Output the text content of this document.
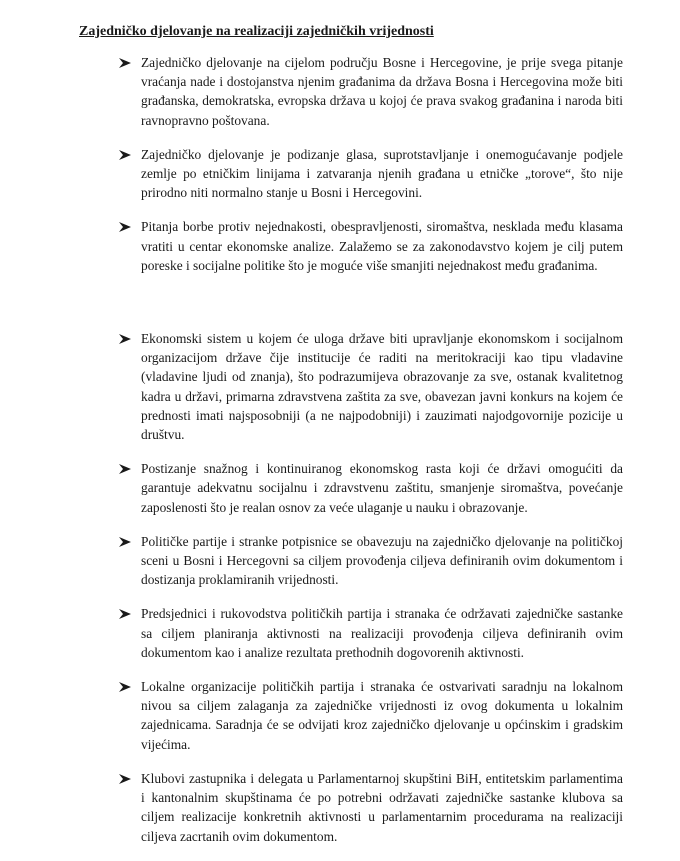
Zajedničko djelovanje na realizaciji zajedničkih vrijednosti
Zajedničko djelovanje na cijelom području Bosne i Hercegovine, je prije svega pitanje vraćanja nade i dostojanstva njenim građanima da država Bosna i Hercegovina može biti građanska, demokratska, evropska država u kojoj će prava svakog građanina i naroda biti ravnopravno poštovana.
Zajedničko djelovanje je podizanje glasa, suprotstavljanje i onemogućavanje podjele zemlje po etničkim linijama i zatvaranja njenih građana u etničke „torove“, što nije prirodno niti normalno stanje u Bosni i Hercegovini.
Pitanja borbe protiv nejednakosti, obespravljenosti, siromaštva, nesklada među klasama vratiti u centar ekonomske analize. Zalažemo se za zakonodavstvo kojem je cilj putem poreske i socijalne politike što je moguće više smanjiti nejednakost među građanima.
Ekonomski sistem u kojem će uloga države biti upravljanje ekonomskom i socijalnom organizacijom države čije institucije će raditi na meritokraciji kao tipu vladavine (vladavine ljudi od znanja), što podrazumijeva obrazovanje za sve, ostanak kvalitetnog kadra u državi, primarna zdravstvena zaštita za sve, obavezan javni konkurs na kojem će prednosti imati najsposobniji (a ne najpodobniji) i zauzimati najodgovornije pozicije u društvu.
Postizanje snažnog i kontinuiranog ekonomskog rasta koji će državi omogućiti da garantuje adekvatnu socijalnu i zdravstvenu zaštitu, smanjenje siromaštva, povećanje zaposlenosti što je realan osnov za veće ulaganje u nauku i obrazovanje.
Političke partije i stranke potpisnice se obavezuju na zajedničko djelovanje na političkoj sceni u Bosni i Hercegovni sa ciljem provođenja ciljeva definiranih ovim dokumentom i dostizanja proklamiranih vrijednosti.
Predsjednici i rukovodstva političkih partija i stranaka će održavati zajedničke sastanke sa ciljem planiranja aktivnosti na realizaciji provođenja ciljeva definiranih ovim dokumentom kao i analize rezultata prethodnih dogovorenih aktivnosti.
Lokalne organizacije političkih partija i stranaka će ostvarivati saradnju na lokalnom nivou sa ciljem zalaganja za zajedničke vrijednosti iz ovog dokumenta u lokalnim zajednicama. Saradnja će se odvijati kroz zajedničko djelovanje u općinskim i gradskim vijećima.
Klubovi zastupnika i delegata u Parlamentarnoj skupštini BiH, entitetskim parlamentima i kantonalnim skupštinama će po potrebni održavati zajedničke sastanke klubova sa ciljem realizacije konkretnih aktivnosti u parlamentarnim procedurama na realizaciji ciljeva zacrtanih ovim dokumentom.
